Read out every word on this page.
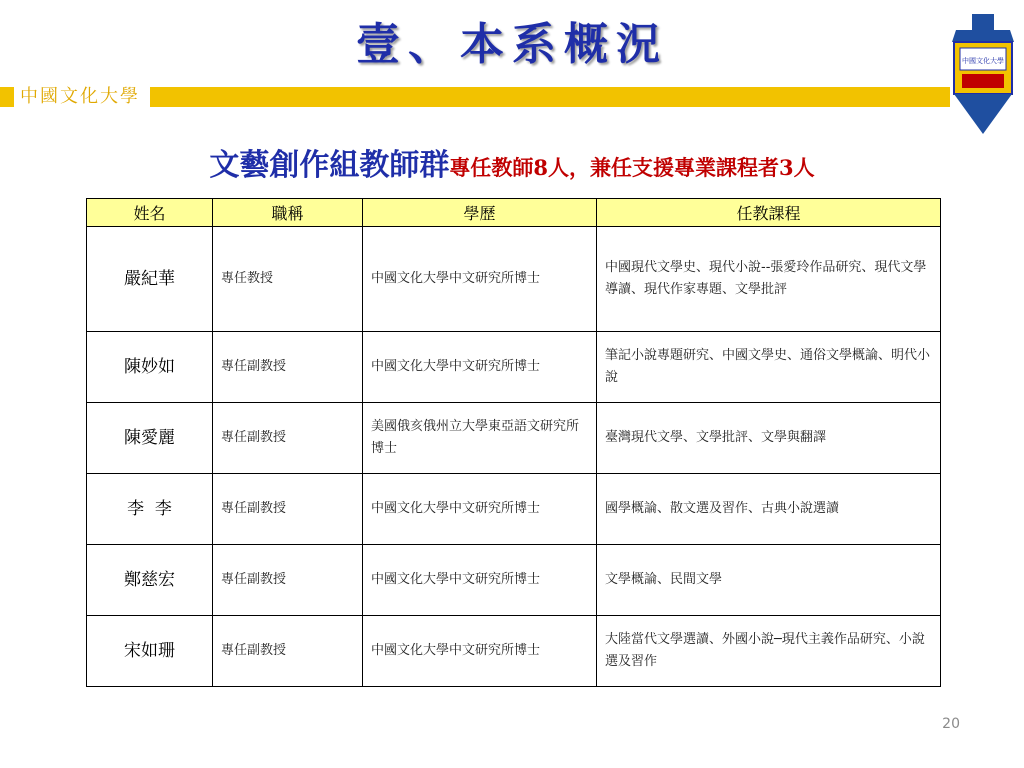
壹、本系概況
中國文化大學
中國文化大學
文藝創作組教師群專任教師8人，兼任支援專業課程者3人
姓名	職稱	學歷	任教課程
嚴紀華	專任教授	中國文化大學中文研究所博士	中國現代文學史、現代小說--張愛玲作品研究、現代文學導讀、現代作家專題、文學批評
陳妙如	專任副教授	中國文化大學中文研究所博士	筆記小說專題研究、中國文學史、通俗文學概論、明代小說
陳愛麗	專任副教授	美國俄亥俄州立大學東亞語文研究所博士	臺灣現代文學、文學批評、文學與翻譯
李  李	專任副教授	中國文化大學中文研究所博士	國學概論、散文選及習作、古典小說選讀
鄭慈宏	專任副教授	中國文化大學中文研究所博士	文學概論、民間文學
宋如珊	專任副教授	中國文化大學中文研究所博士	大陸當代文學選讀、外國小說─現代主義作品研究、小說選及習作
20
